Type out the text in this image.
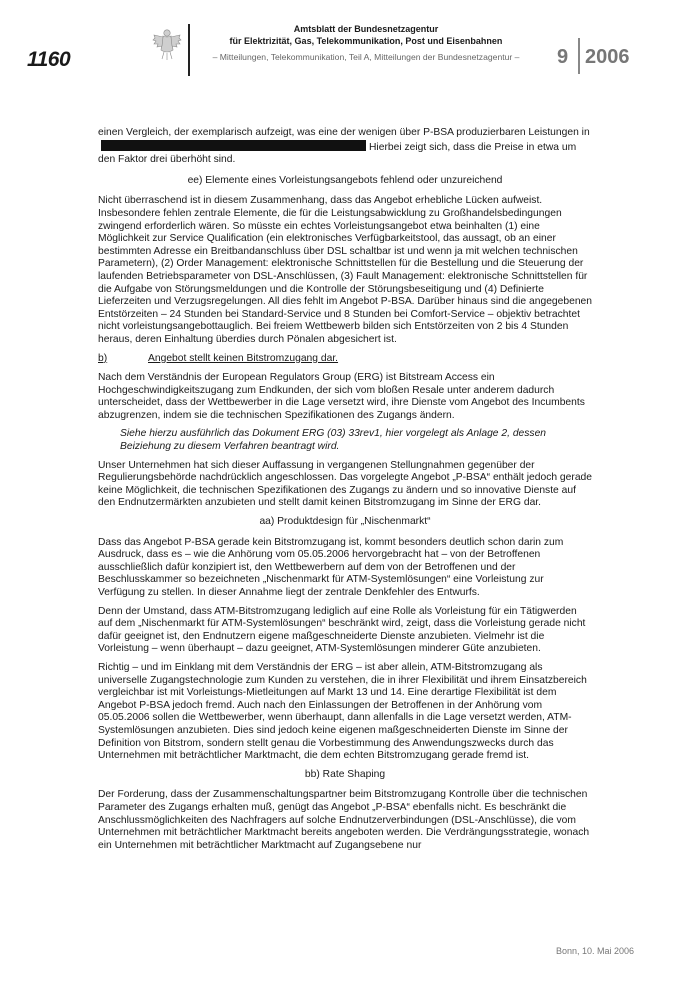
1160
Amtsblatt der Bundesnetzagentur
für Elektrizität, Gas, Telekommunikation, Post und Eisenbahnen
– Mitteilungen, Telekommunikation, Teil A, Mitteilungen der Bundesnetzagentur –	9 2006

einen Vergleich, der exemplarisch aufzeigt, was eine der wenigen über P-BSA produzierbaren Leistungen inHierbei zeigt sich, dass die Preise in etwa um den Faktor drei überhöht sind.

ee) Elemente eines Vorleistungsangebots fehlend oder unzureichend

Nicht überraschend ist in diesem Zusammenhang, dass das Angebot erhebliche Lücken aufweist. Insbesondere fehlen zentrale Elemente, die für die Leistungsabwicklung zu Großhandelsbedingungen zwingend erforderlich wären. So müsste ein echtes Vorleistungsangebot etwa beinhalten (1) eine Möglichkeit zur Service Qualification (ein elektronisches Verfügbarkeitstool, das aussagt, ob an einer bestimmten Adresse ein Breitbandanschluss über DSL schaltbar ist und wenn ja mit welchen technischen Parametern), (2) Order Management: elektronische Schnittstellen für die Bestellung und die Steuerung der laufenden Betriebsparameter von DSL-Anschlüssen, (3) Fault Management: elektronische Schnittstellen für die Aufgabe von Störungsmeldungen und die Kontrolle der Störungsbeseitigung und (4) Definierte Lieferzeiten und Verzugsregelungen. All dies fehlt im Angebot P-BSA. Darüber hinaus sind die angegebenen Entstörzeiten – 24 Stunden bei Standard-Service und 8 Stunden bei Comfort-Service – objektiv betrachtet nicht vorleistungsangebottauglich. Bei freiem Wettbewerb bilden sich Entstörzeiten von 2 bis 4 Stunden heraus, deren Einhaltung überdies durch Pönalen abgesichert ist.

b)	Angebot stellt keinen Bitstromzugang dar.

Nach dem Verständnis der European Regulators Group (ERG) ist Bitstream Access ein Hochgeschwindigkeitszugang zum Endkunden, der sich vom bloßen Resale unter anderem dadurch unterscheidet, dass der Wettbewerber in die Lage versetzt wird, ihre Dienste vom Angebot des Incumbents abzugrenzen, indem sie die technischen Spezifikationen des Zugangs ändern.

Siehe hierzu ausführlich das Dokument ERG (03) 33rev1, hier vorgelegt als Anlage 2, dessen Beiziehung zu diesem Verfahren beantragt wird.

Unser Unternehmen hat sich dieser Auffassung in vergangenen Stellungnahmen gegenüber der Regulierungsbehörde nachdrücklich angeschlossen. Das vorgelegte Angebot „P-BSA“ enthält jedoch gerade keine Möglichkeit, die technischen Spezifikationen des Zugangs zu ändern und so innovative Dienste auf den Endnutzermärkten anzubieten und stellt damit keinen Bitstromzugang im Sinne der ERG dar.

aa) Produktdesign für „Nischenmarkt“

Dass das Angebot P-BSA gerade kein Bitstromzugang ist, kommt besonders deutlich schon darin zum Ausdruck, dass es – wie die Anhörung vom 05.05.2006 hervorgebracht hat – von der Betroffenen ausschließlich dafür konzipiert ist, den Wettbewerbern auf dem von der Betroffenen und der Beschlusskammer so bezeichneten „Nischenmarkt für ATM-Systemlösungen“ eine Vorleistung zur Verfügung zu stellen. In dieser Annahme liegt der zentrale Denkfehler des Entwurfs.

Denn der Umstand, dass ATM-Bitstromzugang lediglich auf eine Rolle als Vorleistung für ein Tätigwerden auf dem „Nischenmarkt für ATM-Systemlösungen“ beschränkt wird, zeigt, dass die Vorleistung gerade nicht dafür geeignet ist, den Endnutzern eigene maßgeschneiderte Dienste anzubieten. Vielmehr ist die Vorleistung – wenn überhaupt – dazu geeignet, ATM-Systemlösungen minderer Güte anzubieten.

Richtig – und im Einklang mit dem Verständnis der ERG – ist aber allein, ATM-Bitstromzugang als universelle Zugangstechnologie zum Kunden zu verstehen, die in ihrer Flexibilität und ihrem Einsatzbereich vergleichbar ist mit Vorleistungs-Mietleitungen auf Markt 13 und 14. Eine derartige Flexibilität ist dem Angebot P-BSA jedoch fremd. Auch nach den Einlassungen der Betroffenen in der Anhörung vom 05.05.2006 sollen die Wettbewerber, wenn überhaupt, dann allenfalls in die Lage versetzt werden, ATM-Systemlösungen anzubieten. Dies sind jedoch keine eigenen maßgeschneiderten Dienste im Sinne der Definition von Bitstrom, sondern stellt genau die Vorbestimmung des Anwendungszwecks durch das Unternehmen mit beträchtlicher Marktmacht, die dem echten Bitstromzugang gerade fremd ist.

bb) Rate Shaping

Der Forderung, dass der Zusammenschaltungspartner beim Bitstromzugang Kontrolle über die technischen Parameter des Zugangs erhalten muß, genügt das Angebot „P-BSA“ ebenfalls nicht. Es beschränkt die Anschlussmöglichkeiten des Nachfragers auf solche Endnutzerverbindungen (DSL-Anschlüsse), die vom Unternehmen mit beträchtlicher Marktmacht bereits angeboten werden. Die Verdrängungsstrategie, wonach ein Unternehmen mit beträchtlicher Marktmacht auf Zugangsebene nur

Bonn, 10. Mai 2006
